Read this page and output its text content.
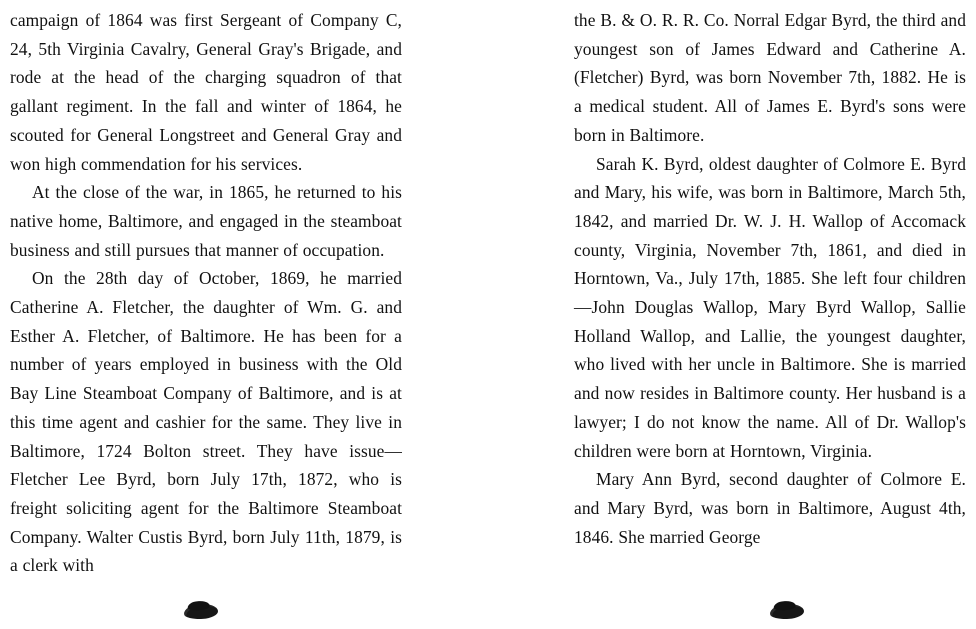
campaign of 1864 was first Sergeant of Company C, 24, 5th Virginia Cavalry, General Gray's Brigade, and rode at the head of the charging squadron of that gallant regiment. In the fall and winter of 1864, he scouted for General Longstreet and General Gray and won high commendation for his services.

At the close of the war, in 1865, he returned to his native home, Baltimore, and engaged in the steamboat business and still pursues that manner of occupation.

On the 28th day of October, 1869, he married Catherine A. Fletcher, the daughter of Wm. G. and Esther A. Fletcher, of Baltimore. He has been for a number of years employed in business with the Old Bay Line Steamboat Company of Baltimore, and is at this time agent and cashier for the same. They live in Baltimore, 1724 Bolton street. They have issue—Fletcher Lee Byrd, born July 17th, 1872, who is freight soliciting agent for the Baltimore Steamboat Company. Walter Custis Byrd, born July 11th, 1879, is a clerk with

the B. & O. R. R. Co. Norral Edgar Byrd, the third and youngest son of James Edward and Catherine A. (Fletcher) Byrd, was born November 7th, 1882. He is a medical student. All of James E. Byrd's sons were born in Baltimore.

Sarah K. Byrd, oldest daughter of Colmore E. Byrd and Mary, his wife, was born in Baltimore, March 5th, 1842, and married Dr. W. J. H. Wallop of Accomack county, Virginia, November 7th, 1861, and died in Horntown, Va., July 17th, 1885. She left four children—John Douglas Wallop, Mary Byrd Wallop, Sallie Holland Wallop, and Lallie, the youngest daughter, who lived with her uncle in Baltimore. She is married and now resides in Baltimore county. Her husband is a lawyer; I do not know the name. All of Dr. Wallop's children were born at Horntown, Virginia.

Mary Ann Byrd, second daughter of Colmore E. and Mary Byrd, was born in Baltimore, August 4th, 1846. She married George
